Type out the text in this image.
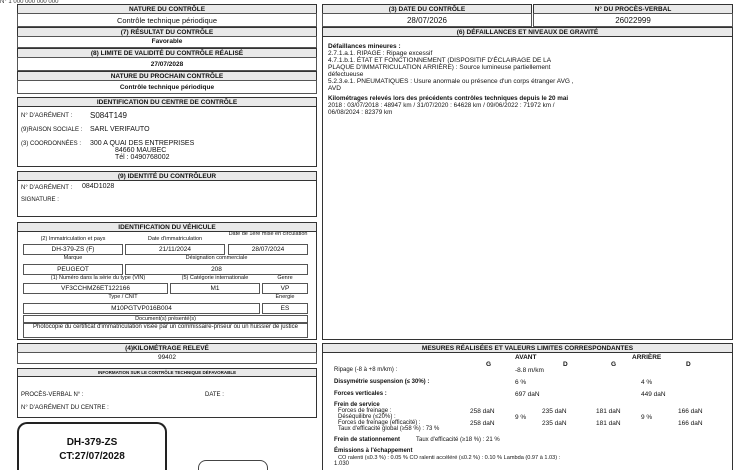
N° 1 000 000 000 000
NATURE DU CONTRÔLE
Contrôle technique périodique
(7) RÉSULTAT DU CONTRÔLE
Favorable
(8) LIMITE DE VALIDITÉ DU CONTRÔLE RÉALISÉ
27/07/2028
NATURE DU PROCHAIN CONTRÔLE
Contrôle technique périodique
IDENTIFICATION DU CENTRE DE CONTRÔLE
N° D'AGRÉMENT : S084T149
(9)RAISON SOCIALE : SARL VERIFAUTO
(3) COORDONNÉES : 300 A QUAI DES ENTREPRISES
84660 MAUBEC
Tél : 0490768002
(9) IDENTITÉ DU CONTRÔLEUR
N° D'AGRÉMENT : 084D1028
SIGNATURE :
IDENTIFICATION DU VÉHICULE
(2) Immatriculation et pays	Date d'immatriculation
Date de 1ère mise en circulation
DH-379-ZS (F)	21/11/2024	28/07/2024
Marque	Désignation commerciale
PEUGEOT	208
(1) Numéro dans la série du type (VIN)	(5) Catégorie internationale	Genre
VF3CCHMZ6ET122166	M1	VP
Type / CNIT	Energie
M10PGTVP016B004	ES
Document(s) présenté(s)
Photocopie du certificat d'immatriculation visée par un commissaire-priseur ou un huissier de justice
(4)KILOMÉTRAGE RELEVÉ
99402
INFORMATION SUR LE CONTRÔLE TECHNIQUE DÉFAVORABLE
PROCÈS-VERBAL N° :	DATE :
N° D'AGRÉMENT DU CENTRE :
DH-379-ZS
CT:27/07/2028
(3) DATE DU CONTRÔLE	N° DU PROCÈS-VERBAL
28/07/2026	26022999
(6) DÉFAILLANCES ET NIVEAUX DE GRAVITÉ
Défaillances mineures :
2.7.1.a.1. RIPAGE : Ripage excessif
4.7.1.b.1. ÉTAT ET FONCTIONNEMENT (DISPOSITIF D'ÉCLAIRAGE DE LA
PLAQUE D'IMMATRICULATION ARRIÈRE) : Source lumineuse partiellement
défectueuse
5.2.3.e.1. PNEUMATIQUES : Usure anormale ou présence d'un corps étranger AVG ,
AVD
Kilométrages relevés lors des précédents contrôles techniques depuis le 20 mai
2018 : 03/07/2018 : 48947 km / 31/07/2020 : 64628 km / 09/06/2022 : 71972 km /
06/08/2024 : 82379 km
MESURES RÉALISÉES ET VALEURS LIMITES CORRESPONDANTES
AVANT	ARRIÈRE
G	D	G	D
Ripage (-8 à +8 m/km) :	-8.8 m/km
Dissymétrie suspension (≤ 30%) :	6 %	4 %
Forces verticales :	697 daN	449 daN
Frein de service
Forces de freinage :	258 daN	235 daN	181 daN	166 daN
Déséquilibre (≤20%) :	9 %	9 %
Forces de freinage (efficacité) :	258 daN	235 daN	181 daN	166 daN
Taux d'efficacité global (≥58 %) : 73 %
Frein de stationnement	Taux d'efficacité (≥18 %) : 21 %
Émissions à l'échappement
CO ralenti (≤0.3 %) : 0.05 % CO ralenti accéléré (≤0.2 %) : 0.10 % Lambda (0.97 à 1.03) :
1.030
